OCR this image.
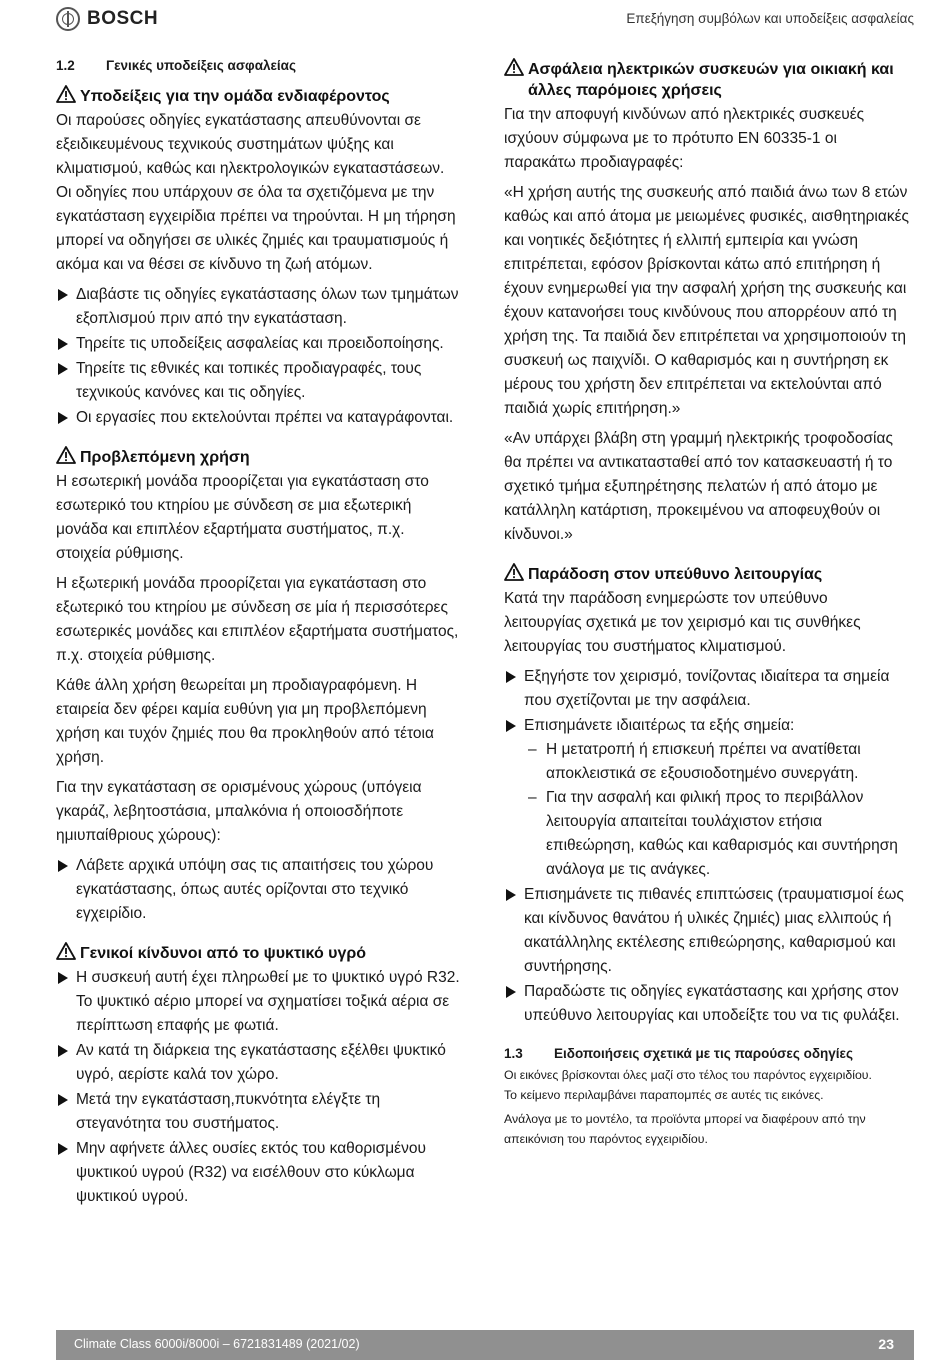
BOSCH	Επεξήγηση συμβόλων και υποδείξεις ασφαλείας
1.2	Γενικές υποδείξεις ασφαλείας
Υποδείξεις για την ομάδα ενδιαφέροντος

Οι παρούσες οδηγίες εγκατάστασης απευθύνονται σε εξειδικευμένους τεχνικούς συστημάτων ψύξης και κλιματισμού, καθώς και ηλεκτρολογικών εγκαταστάσεων. Οι οδηγίες που υπάρχουν σε όλα τα σχετιζόμενα με την εγκατάσταση εγχειρίδια πρέπει να τηρούνται. Η μη τήρηση μπορεί να οδηγήσει σε υλικές ζημιές και τραυματισμούς ή ακόμα και να θέσει σε κίνδυνο τη ζωή ατόμων.

Διαβάστε τις οδηγίες εγκατάστασης όλων των τμημάτων εξοπλισμού πριν από την εγκατάσταση.
Τηρείτε τις υποδείξεις ασφαλείας και προειδοποίησης.
Τηρείτε τις εθνικές και τοπικές προδιαγραφές, τους τεχνικούς κανόνες και τις οδηγίες.
Οι εργασίες που εκτελούνται πρέπει να καταγράφονται.
Προβλεπόμενη χρήση

Η εσωτερική μονάδα προορίζεται για εγκατάσταση στο εσωτερικό του κτηρίου με σύνδεση σε μια εξωτερική μονάδα και επιπλέον εξαρτήματα συστήματος, π.χ. στοιχεία ρύθμισης.

Η εξωτερική μονάδα προορίζεται για εγκατάσταση στο εξωτερικό του κτηρίου με σύνδεση σε μία ή περισσότερες εσωτερικές μονάδες και επιπλέον εξαρτήματα συστήματος, π.χ. στοιχεία ρύθμισης.

Κάθε άλλη χρήση θεωρείται μη προδιαγραφόμενη. Η εταιρεία δεν φέρει καμία ευθύνη για μη προβλεπόμενη χρήση και τυχόν ζημιές που θα προκληθούν από τέτοια χρήση.

Για την εγκατάσταση σε ορισμένους χώρους (υπόγεια γκαράζ, λεβητοστάσια, μπαλκόνια ή οποιοσδήποτε ημιυπαίθριους χώρους):

Λάβετε αρχικά υπόψη σας τις απαιτήσεις του χώρου εγκατάστασης, όπως αυτές ορίζονται στο τεχνικό εγχειρίδιο.
Γενικοί κίνδυνοι από το ψυκτικό υγρό
Η συσκευή αυτή έχει πληρωθεί με το ψυκτικό υγρό R32. Το ψυκτικό αέριο μπορεί να σχηματίσει τοξικά αέρια σε περίπτωση επαφής με φωτιά.
Αν κατά τη διάρκεια της εγκατάστασης εξέλθει ψυκτικό υγρό, αερίστε καλά τον χώρο.
Μετά την εγκατάσταση,πυκνότητα ελέγξτε τη στεγανότητα του συστήματος.
Μην αφήνετε άλλες ουσίες εκτός του καθορισμένου ψυκτικού υγρού (R32) να εισέλθουν στο κύκλωμα ψυκτικού υγρού.
Ασφάλεια ηλεκτρικών συσκευών για οικιακή και άλλες παρόμοιες χρήσεις

Για την αποφυγή κινδύνων από ηλεκτρικές συσκευές ισχύουν σύμφωνα με το πρότυπο EN 60335-1 οι παρακάτω προδιαγραφές:

«Η χρήση αυτής της συσκευής από παιδιά άνω των 8 ετών καθώς και από άτομα με μειωμένες φυσικές, αισθητηριακές και νοητικές δεξιότητες ή ελλιπή εμπειρία και γνώση επιτρέπεται, εφόσον βρίσκονται κάτω από επιτήρηση ή έχουν ενημερωθεί για την ασφαλή χρήση της συσκευής και έχουν κατανοήσει τους κινδύνους που απορρέουν από τη χρήση της. Τα παιδιά δεν επιτρέπεται να χρησιμοποιούν τη συσκευή ως παιχνίδι. Ο καθαρισμός και η συντήρηση εκ μέρους του χρήστη δεν επιτρέπεται να εκτελούνται από παιδιά χωρίς επιτήρηση.»

«Αν υπάρχει βλάβη στη γραμμή ηλεκτρικής τροφοδοσίας θα πρέπει να αντικατασταθεί από τον κατασκευαστή ή το σχετικό τμήμα εξυπηρέτησης πελατών ή από άτομο με κατάλληλη κατάρτιση, προκειμένου να αποφευχθούν οι κίνδυνοι.»

Παράδοση στον υπεύθυνο λειτουργίας

Κατά την παράδοση ενημερώστε τον υπεύθυνο λειτουργίας σχετικά με τον χειρισμό και τις συνθήκες λειτουργίας του συστήματος κλιματισμού.

Εξηγήστε τον χειρισμό, τονίζοντας ιδιαίτερα τα σημεία που σχετίζονται με την ασφάλεια.
Επισημάνετε ιδιαιτέρως τα εξής σημεία:
– Η μετατροπή ή επισκευή πρέπει να ανατίθεται αποκλειστικά σε εξουσιοδοτημένο συνεργάτη.
– Για την ασφαλή και φιλική προς το περιβάλλον λειτουργία απαιτείται τουλάχιστον ετήσια επιθεώρηση, καθώς και καθαρισμός και συντήρηση ανάλογα με τις ανάγκες.
Επισημάνετε τις πιθανές επιπτώσεις (τραυματισμοί έως και κίνδυνος θανάτου ή υλικές ζημιές) μιας ελλιπούς ή ακατάλληλης εκτέλεσης επιθεώρησης, καθαρισμού και συντήρησης.
Παραδώστε τις οδηγίες εγκατάστασης και χρήσης στον υπεύθυνο λειτουργίας και υποδείξτε του να τις φυλάξει.
1.3	Ειδοποιήσεις σχετικά με τις παρούσες οδηγίες

Οι εικόνες βρίσκονται όλες μαζί στο τέλος του παρόντος εγχειριδίου.
Το κείμενο περιλαμβάνει παραπομπές σε αυτές τις εικόνες.

Ανάλογα με το μοντέλο, τα προϊόντα μπορεί να διαφέρουν από την απεικόνιση του παρόντος εγχειριδίου.

Climate Class 6000i/8000i – 6721831489 (2021/02)	23
